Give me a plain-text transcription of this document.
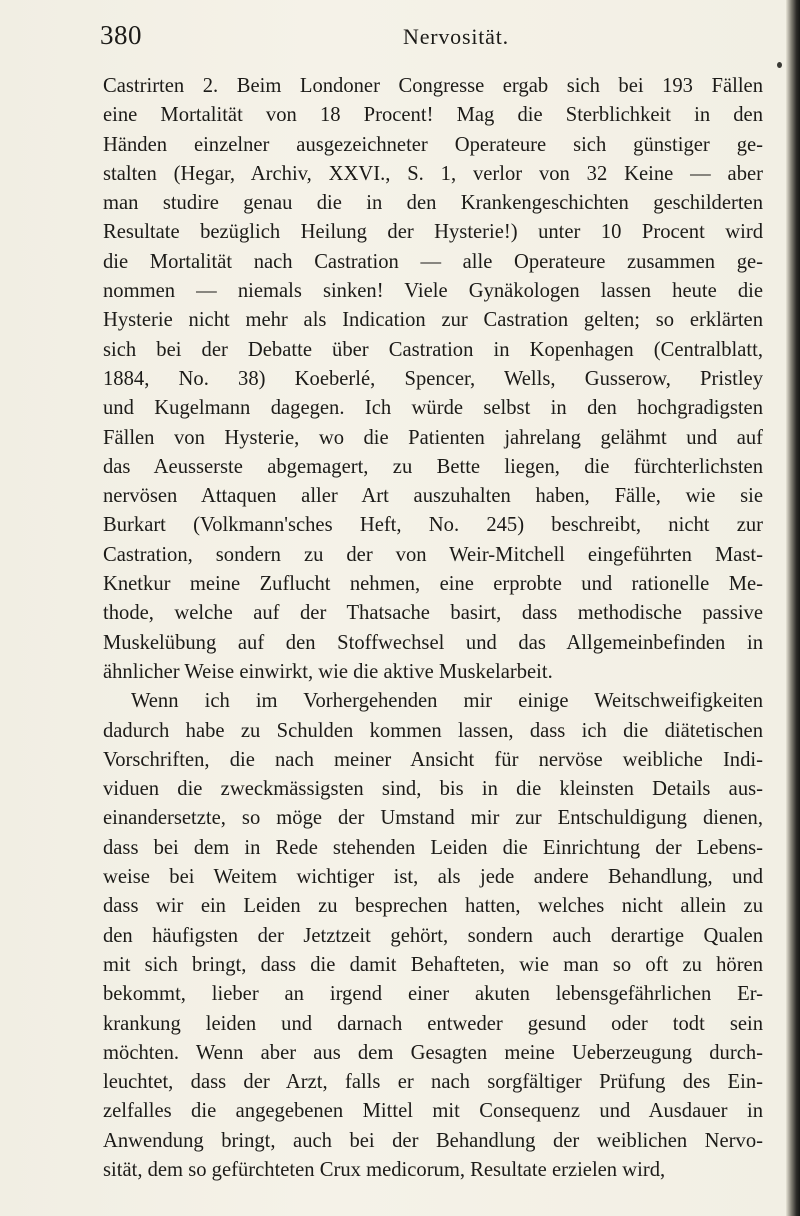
380	Nervosität.
Castrirten 2. Beim Londoner Congresse ergab sich bei 193 Fällen
eine Mortalität von 18 Procent! Mag die Sterblichkeit in den
Händen einzelner ausgezeichneter Operateure sich günstiger ge-
stalten (Hegar, Archiv, XXVI., S. 1, verlor von 32 Keine — aber
man studire genau die in den Krankengeschichten geschilderten
Resultate bezüglich Heilung der Hysterie!) unter 10 Procent wird
die Mortalität nach Castration — alle Operateure zusammen ge-
nommen — niemals sinken! Viele Gynäkologen lassen heute die
Hysterie nicht mehr als Indication zur Castration gelten; so erklärten
sich bei der Debatte über Castration in Kopenhagen (Centralblatt,
1884, No. 38) Koeberlé, Spencer, Wells, Gusserow, Pristley
und Kugelmann dagegen. Ich würde selbst in den hochgradigsten
Fällen von Hysterie, wo die Patienten jahrelang gelähmt und auf
das Aeusserste abgemagert, zu Bette liegen, die fürchterlichsten
nervösen Attaquen aller Art auszuhalten haben, Fälle, wie sie
Burkart (Volkmann'sches Heft, No. 245) beschreibt, nicht zur
Castration, sondern zu der von Weir-Mitchell eingeführten Mast-
Knetkur meine Zuflucht nehmen, eine erprobte und rationelle Me-
thode, welche auf der Thatsache basirt, dass methodische passive
Muskelübung auf den Stoffwechsel und das Allgemeinbefinden in
ähnlicher Weise einwirkt, wie die aktive Muskelarbeit.
Wenn ich im Vorhergehenden mir einige Weitschweifigkeiten
dadurch habe zu Schulden kommen lassen, dass ich die diätetischen
Vorschriften, die nach meiner Ansicht für nervöse weibliche Indi-
viduen die zweckmässigsten sind, bis in die kleinsten Details aus-
einandersetzte, so möge der Umstand mir zur Entschuldigung dienen,
dass bei dem in Rede stehenden Leiden die Einrichtung der Lebens-
weise bei Weitem wichtiger ist, als jede andere Behandlung, und
dass wir ein Leiden zu besprechen hatten, welches nicht allein zu
den häufigsten der Jetztzeit gehört, sondern auch derartige Qualen
mit sich bringt, dass die damit Behafteten, wie man so oft zu hören
bekommt, lieber an irgend einer akuten lebensgefährlichen Er-
krankung leiden und darnach entweder gesund oder todt sein
möchten. Wenn aber aus dem Gesagten meine Ueberzeugung durch-
leuchtet, dass der Arzt, falls er nach sorgfältiger Prüfung des Ein-
zelfalles die angegebenen Mittel mit Consequenz und Ausdauer in
Anwendung bringt, auch bei der Behandlung der weiblichen Nervo-
sität, dem so gefürchteten Crux medicorum, Resultate erzielen wird,
